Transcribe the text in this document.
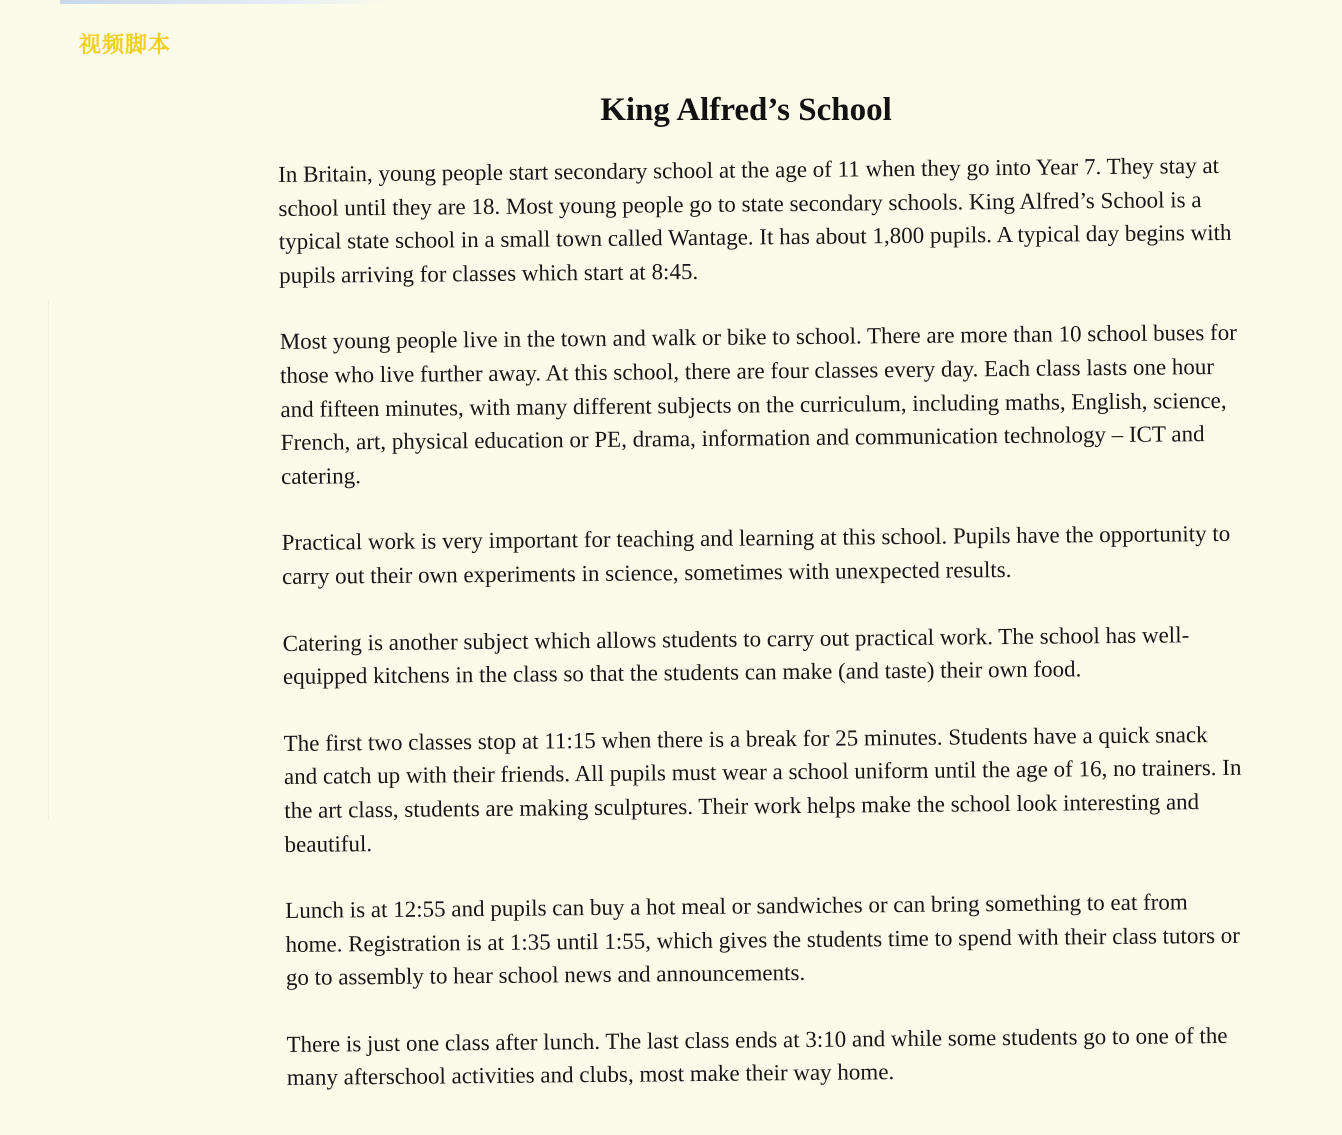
视频脚本
King Alfred’s School

In Britain, young people start secondary school at the age of 11 when they go into Year 7. They stay at school until they are 18. Most young people go to state secondary schools. King Alfred’s School is a typical state school in a small town called Wantage. It has about 1,800 pupils. A typical day begins with pupils arriving for classes which start at 8:45.

Most young people live in the town and walk or bike to school. There are more than 10 school buses for those who live further away. At this school, there are four classes every day. Each class lasts one hour and fifteen minutes, with many different subjects on the curriculum, including maths, English, science, French, art, physical education or PE, drama, information and communication technology – ICT and catering.

Practical work is very important for teaching and learning at this school. Pupils have the opportunity to carry out their own experiments in science, sometimes with unexpected results.

Catering is another subject which allows students to carry out practical work. The school has well-equipped kitchens in the class so that the students can make (and taste) their own food.

The first two classes stop at 11:15 when there is a break for 25 minutes. Students have a quick snack and catch up with their friends. All pupils must wear a school uniform until the age of 16, no trainers. In the art class, students are making sculptures. Their work helps make the school look interesting and beautiful.

Lunch is at 12:55 and pupils can buy a hot meal or sandwiches or can bring something to eat from home. Registration is at 1:35 until 1:55, which gives the students time to spend with their class tutors or go to assembly to hear school news and announcements.

There is just one class after lunch. The last class ends at 3:10 and while some students go to one of the many afterschool activities and clubs, most make their way home.
